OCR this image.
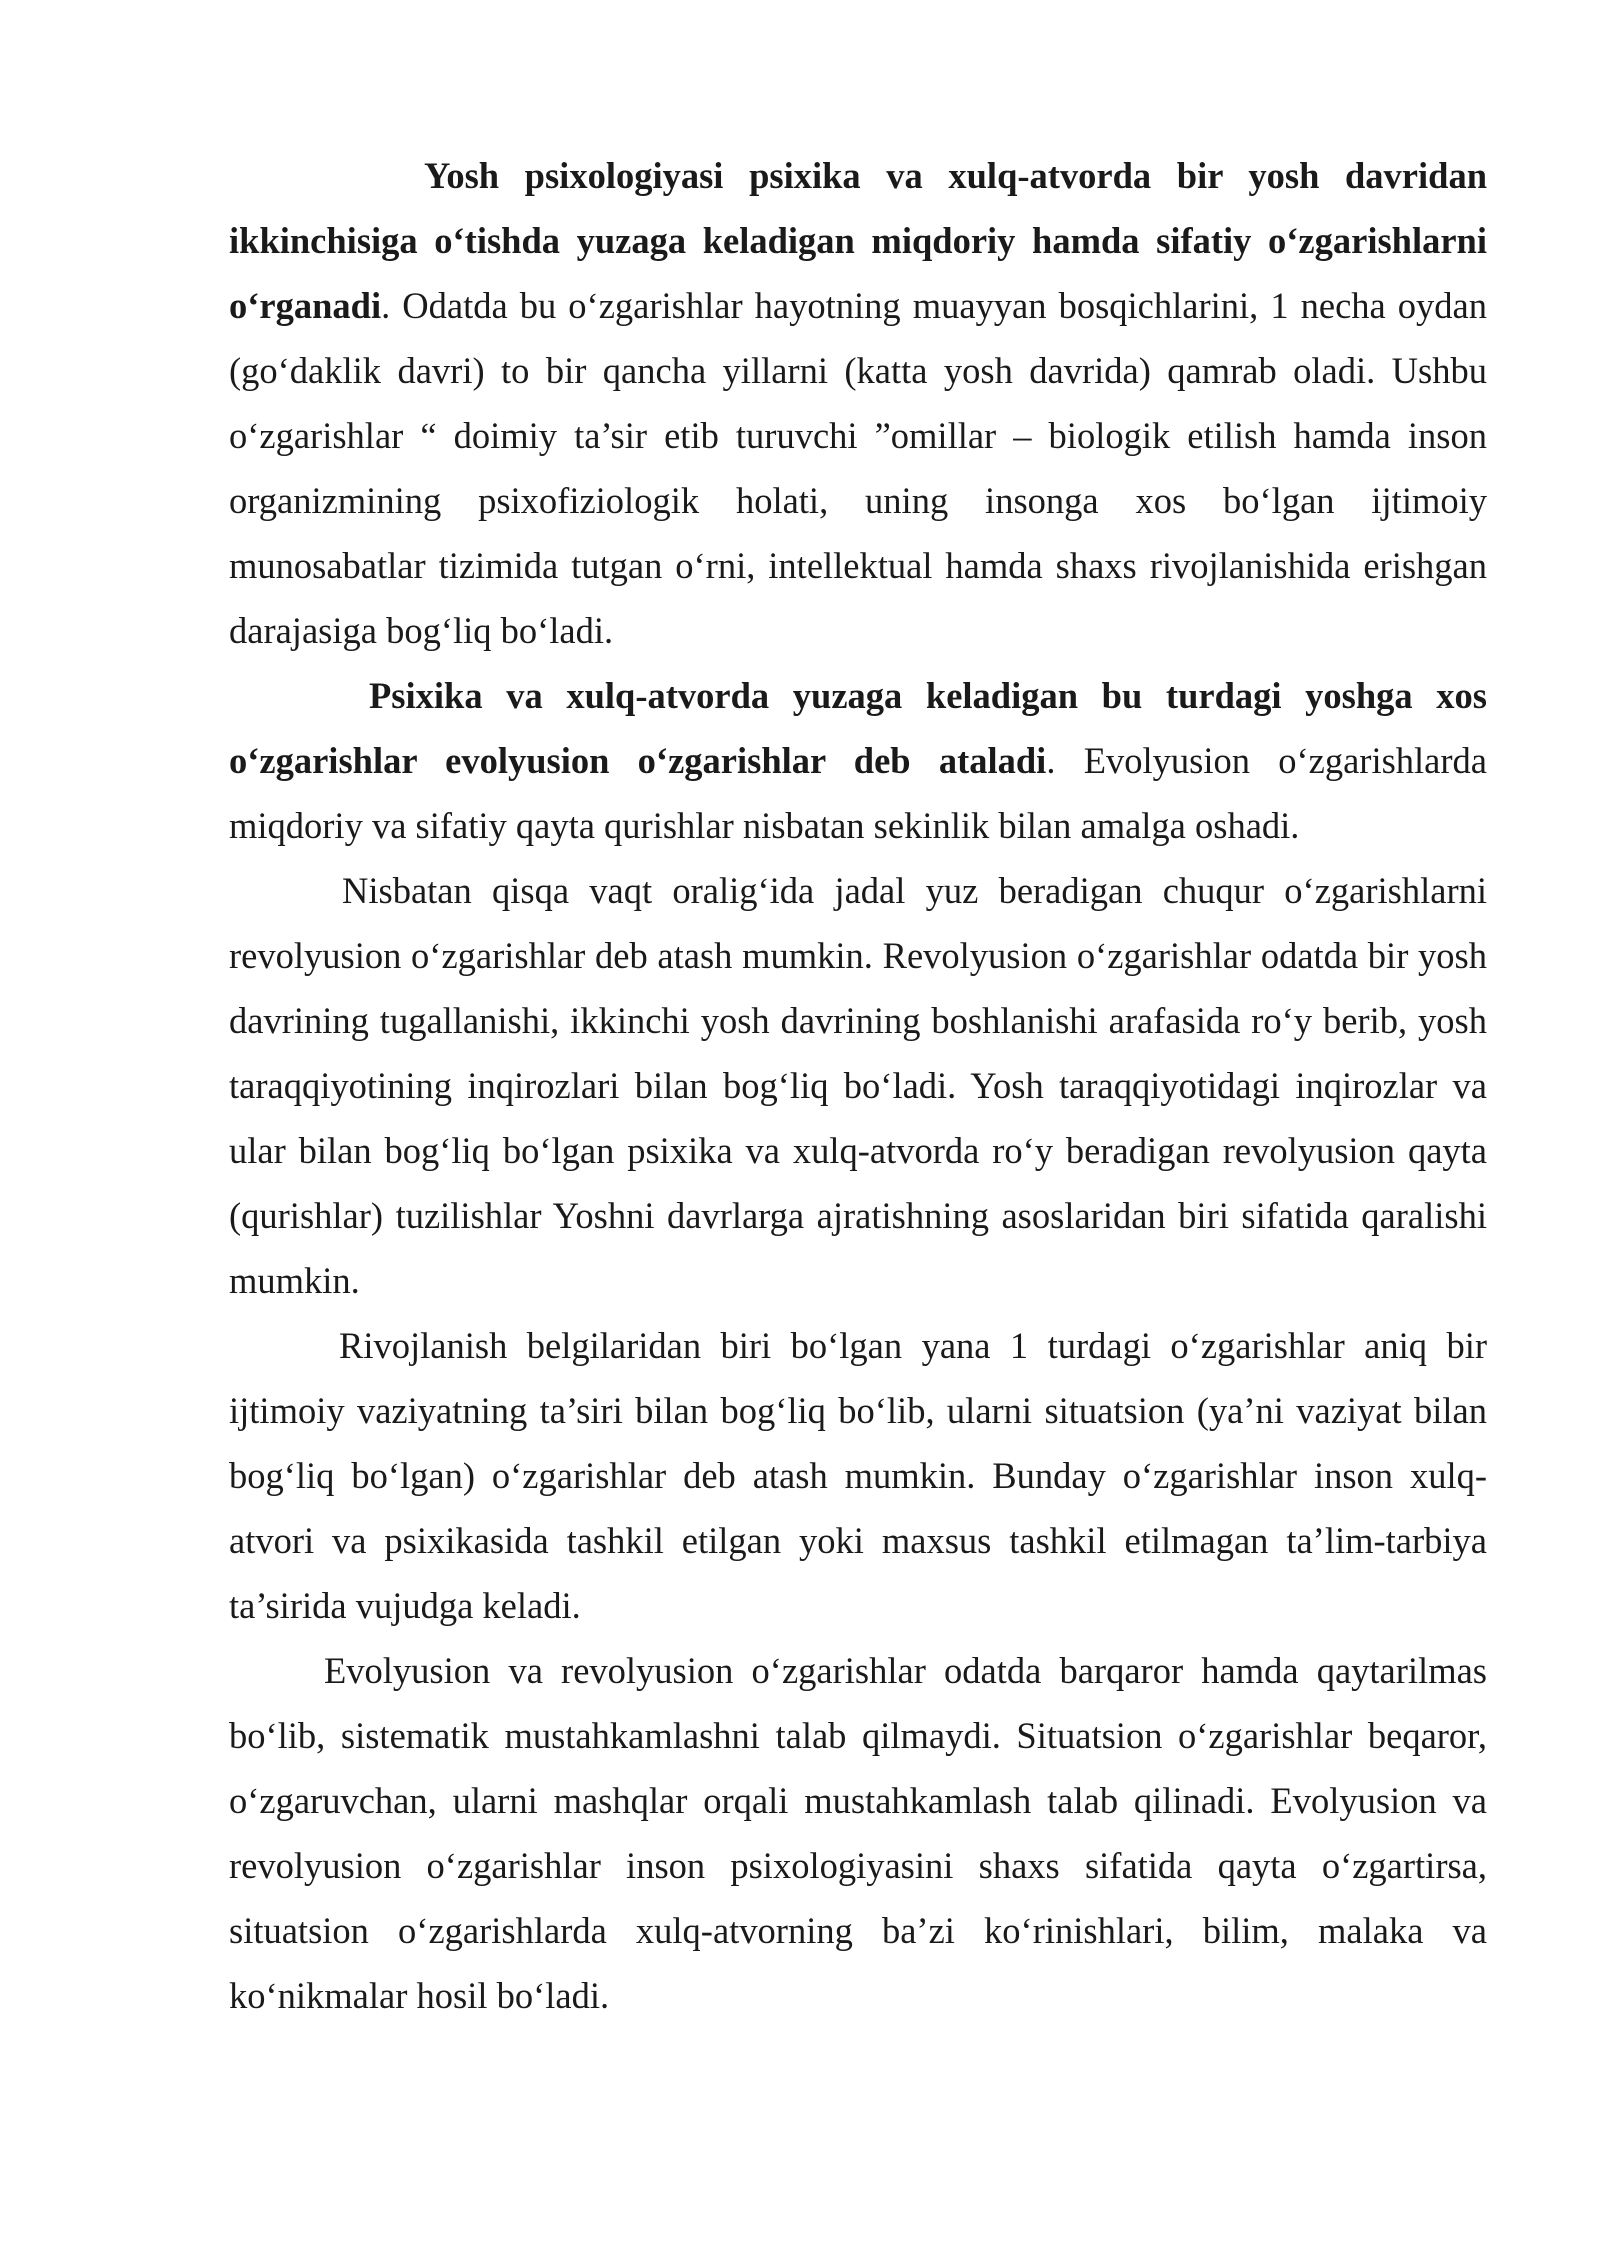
Yosh psixologiyasi psixika va xulq-atvorda bir yosh davridan ikkinchisiga o‘tishda yuzaga keladigan miqdoriy hamda sifatiy o‘zgarishlarni o‘rganadi. Odatda bu o‘zgarishlar hayotning muayyan bosqichlarini, 1 necha oydan (go‘daklik davri) to bir qancha yillarni (katta yosh davrida) qamrab oladi. Ushbu o‘zgarishlar “ doimiy ta’sir etib turuvchi ”omillar – biologik etilish hamda inson organizmining psixofiziologik holati, uning insonga xos bo‘lgan ijtimoiy munosabatlar tizimida tutgan o‘rni, intellektual hamda shaxs rivojlanishida erishgan darajasiga bog‘liq bo‘ladi.

Psixika va xulq-atvorda yuzaga keladigan bu turdagi yoshga xos o‘zgarishlar evolyusion o‘zgarishlar deb ataladi. Evolyusion o‘zgarishlarda miqdoriy va sifatiy qayta qurishlar nisbatan sekinlik bilan amalga oshadi.

Nisbatan qisqa vaqt oralig‘ida jadal yuz beradigan chuqur o‘zgarishlarni revolyusion o‘zgarishlar deb atash mumkin. Revolyusion o‘zgarishlar odatda bir yosh davrining tugallanishi, ikkinchi yosh davrining boshlanishi arafasida ro‘y berib, yosh taraqqiyotining inqirozlari bilan bog‘liq bo‘ladi. Yosh taraqqiyotidagi inqirozlar va ular bilan bog‘liq bo‘lgan psixika va xulq-atvorda ro‘y beradigan revolyusion qayta (qurishlar) tuzilishlar Yoshni davrlarga ajratishning asoslaridan biri sifatida qaralishi mumkin.

Rivojlanish belgilaridan biri bo‘lgan yana 1 turdagi o‘zgarishlar aniq bir ijtimoiy vaziyatning ta’siri bilan bog‘liq bo‘lib, ularni situatsion (ya’ni vaziyat bilan bog‘liq bo‘lgan) o‘zgarishlar deb atash mumkin. Bunday o‘zgarishlar inson xulq-atvori va psixikasida tashkil etilgan yoki maxsus tashkil etilmagan ta’lim-tarbiya ta’sirida vujudga keladi.

Evolyusion va revolyusion o‘zgarishlar odatda barqaror hamda qaytarilmas bo‘lib, sistematik mustahkamlashni talab qilmaydi. Situatsion o‘zgarishlar beqaror, o‘zgaruvchan, ularni mashqlar orqali mustahkamlash talab qilinadi. Evolyusion va revolyusion o‘zgarishlar inson psixologiyasini shaxs sifatida qayta o‘zgartirsa, situatsion o‘zgarishlarda xulq-atvorning ba’zi ko‘rinishlari, bilim, malaka va ko‘nikmalar hosil bo‘ladi.
